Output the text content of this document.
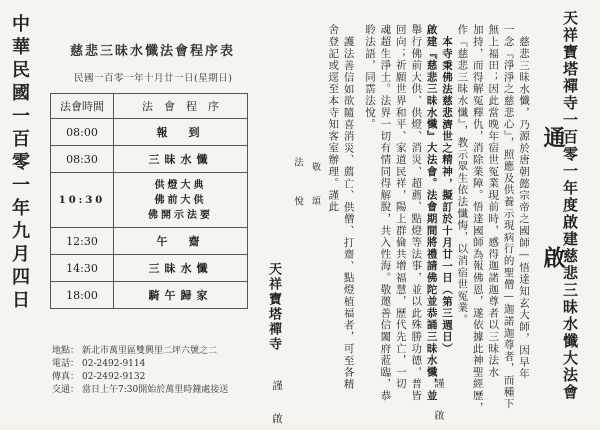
中華民國一百零一年九月四日	慈悲三昧水懺法會程序表
民國一百零一年十月廿一日(星期日)
法會時間	法　會　程　序
08:00	報　到
08:30	三昧水懺
10:30	供燈大典
佛前大供
佛開示法要
12:30	午　齋
14:30	三昧水懺
18:00	騎午歸家
地點： 新北市萬里區雙興里二坪六號之二
電話： 02-2492-9114
傳真： 02-2492-9132
交通： 當日上午7:30開始於萬里時鐘處接送
天祥寶塔禪寺
謹　啟
法　悅 敬　頌	慈悲三昧水懺，乃源於唐朝懿宗帝之國師—悟達知玄大師，因早年
一念『淨淨之慈悲心』，照應及供養示現病行的聖僧—迦諾迦尊者，而種下
無上福田；因此當晚年宿世冤業現前時，感得迦諾迦尊者以三昧法水
加持，而得解冤釋仇，消除業障。悟達國師為報佛恩，遂依據此神聖經歷，
作『慈悲三昧水懺』，教示眾生依法懺悔，以消宿世冤業。
本寺秉佛法慈悲濟世之精神，擬訂於十月廿一日（第三週日）
啟建『慈悲三昧水懺』大法會。法會期間將禮請佛陀並恭誦三昧水懺，並
舉行佛前大供、供燈、消災、超薦、點燈等法事，並以此殊勝功德，普皆
回向；祈願世界和平、家道民祥，陽上群倫共增福慧，歷代先亡，一切
魂超生淨土。法界一切有情同得解脫，共入性海。敬邀善信闔府蒞臨，恭
聆法語，同霑法悅。
護法善信如欲隨喜消災、薦亡、供僧、打齋、點燈植福者，可至各精
舍登記或逕至本寺知客室辦理。謹此
通　啟
天祥寶塔禪寺一百零一年度啟建慈悲三昧水懺大法會
謹　啟
